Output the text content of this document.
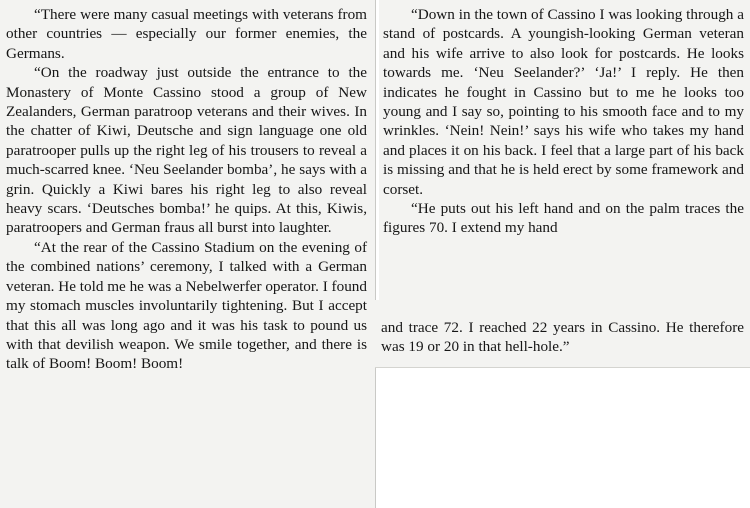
“There were many casual meetings with veterans from other countries — especially our former enemies, the Germans.

“On the roadway just outside the entrance to the Monastery of Monte Cassino stood a group of New Zealanders, German paratroop veterans and their wives. In the chatter of Kiwi, Deutsche and sign language one old paratrooper pulls up the right leg of his trousers to reveal a much-scarred knee. ‘Neu Seelander bomba’, he says with a grin. Quickly a Kiwi bares his right leg to also reveal heavy scars. ‘Deutsches bomba!’ he quips. At this, Kiwis, paratroopers and German fraus all burst into laughter.

“At the rear of the Cassino Stadium on the evening of the combined nations’ ceremony, I talked with a German veteran. He told me he was a Nebelwerfer operator. I found my stomach muscles involuntarily tightening. But I accept that this all was long ago and it was his task to pound us with that devilish weapon. We smile together, and there is talk of Boom! Boom! Boom!

“Down in the town of Cassino I was looking through a stand of postcards. A youngish-looking German veteran and his wife arrive to also look for postcards. He looks towards me. ‘Neu Seelander?’ ‘Ja!’ I reply. He then indicates he fought in Cassino but to me he looks too young and I say so, pointing to his smooth face and to my wrinkles. ‘Nein! Nein!’ says his wife who takes my hand and places it on his back. I feel that a large part of his back is missing and that he is held erect by some framework and corset.

“He puts out his left hand and on the palm traces the figures 70. I extend my hand

and trace 72. I reached 22 years in Cassino. He therefore was 19 or 20 in that hell-hole.”
